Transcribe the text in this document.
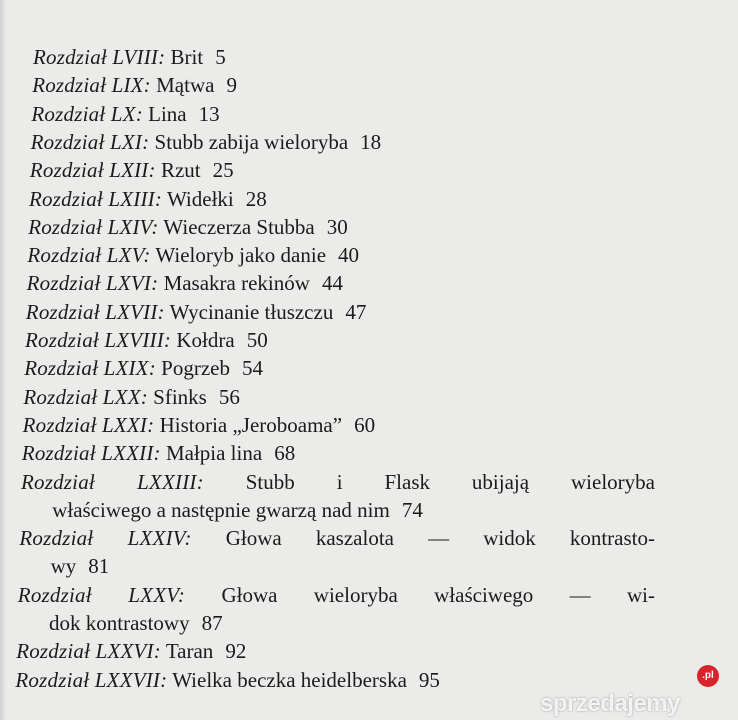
Rozdział LVIII: Brit 5
Rozdział LIX: Mątwa 9
Rozdział LX: Lina 13
Rozdział LXI: Stubb zabija wieloryba 18
Rozdział LXII: Rzut 25
Rozdział LXIII: Widełki 28
Rozdział LXIV: Wieczerza Stubba 30
Rozdział LXV: Wieloryb jako danie 40
Rozdział LXVI: Masakra rekinów 44
Rozdział LXVII: Wycinanie tłuszczu 47
Rozdział LXVIII: Kołdra 50
Rozdział LXIX: Pogrzeb 54
Rozdział LXX: Sfinks 56
Rozdział LXXI: Historia „Jeroboama” 60
Rozdział LXXII: Małpia lina 68
Rozdział LXXIII: Stubb i Flask ubijają wieloryba
właściwego a następnie gwarzą nad nim 74
Rozdział LXXIV: Głowa kaszalota — widok kontrasto-
wy 81
Rozdział LXXV: Głowa wieloryba właściwego — wi-
dok kontrastowy 87
Rozdział LXXVI: Taran 92
Rozdział LXXVII: Wielka beczka heidelberska 95
sprzedajemy
.pl
